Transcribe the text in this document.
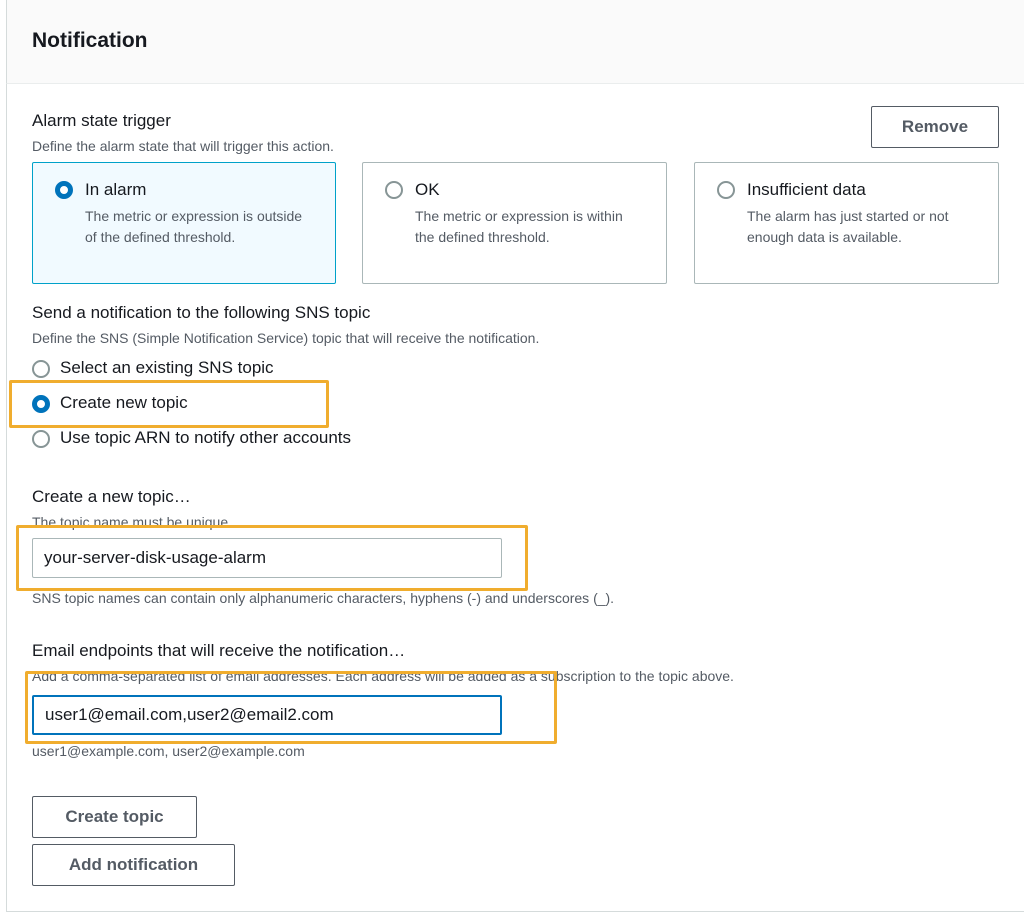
Notification
Alarm state trigger
Define the alarm state that will trigger this action.
Remove
In alarm
The metric or expression is outside of the defined threshold.
OK
The metric or expression is within the defined threshold.
Insufficient data
The alarm has just started or not enough data is available.
Send a notification to the following SNS topic
Define the SNS (Simple Notification Service) topic that will receive the notification.
Select an existing SNS topic
Create new topic
Use topic ARN to notify other accounts
Create a new topic…
The topic name must be unique.
your-server-disk-usage-alarm
SNS topic names can contain only alphanumeric characters, hyphens (-) and underscores (_).
Email endpoints that will receive the notification…
Add a comma-separated list of email addresses. Each address will be added as a subscription to the topic above.
user1@email.com,user2@email2.com
user1@example.com, user2@example.com
Create topic
Add notification
